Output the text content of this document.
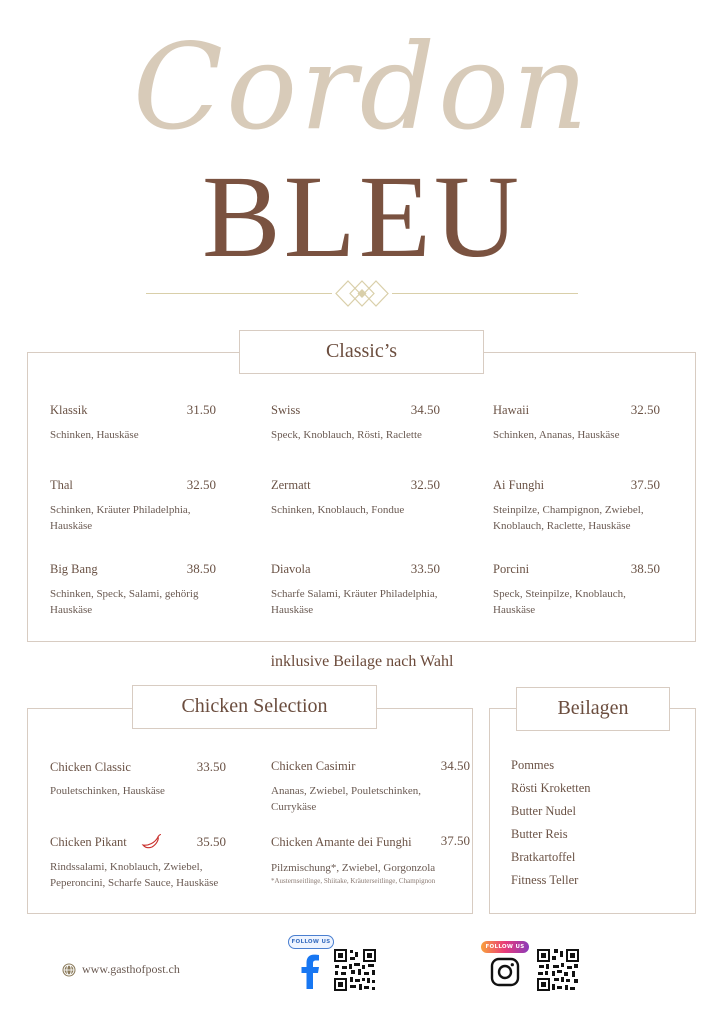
Cordon
BLEU
Classic’s
Klassik	31.50
Schinken, Hauskäse
Swiss	34.50
Speck, Knoblauch, Rösti, Raclette
Hawaii	32.50
Schinken, Ananas, Hauskäse
Thal	32.50
Schinken, Kräuter Philadelphia, Hauskäse
Zermatt	32.50
Schinken, Knoblauch, Fondue
Ai Funghi	37.50
Steinpilze, Champignon, Zwiebel, Knoblauch, Raclette, Hauskäse
Big Bang	38.50
Schinken, Speck, Salami, gehörig Hauskäse
Diavola	33.50
Scharfe Salami, Kräuter Philadelphia, Hauskäse
Porcini	38.50
Speck, Steinpilze, Knoblauch, Hauskäse
inklusive Beilage nach Wahl
Chicken Selection
Chicken Classic	33.50
Pouletschinken, Hauskäse
Chicken Casimir	34.50
Ananas, Zwiebel, Pouletschinken, Currykäse
Chicken Pikant	35.50
Rindssalami, Knoblauch, Zwiebel, Peperoncini, Scharfe Sauce, Hauskäse
Chicken Amante dei Funghi	37.50
Pilzmischung*, Zwiebel, Gorgonzola
*Austernseitlinge, Shiitake, Kräuterseitlinge, Champignon
Beilagen
Pommes
Rösti Kroketten
Butter Nudel
Butter Reis
Bratkartoffel
Fitness Teller
www.gasthofpost.ch
FOLLOW US
FOLLOW US
